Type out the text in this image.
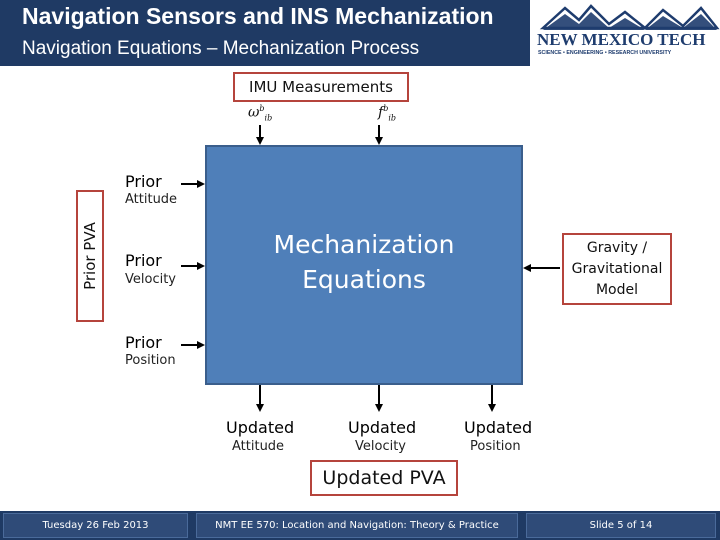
Navigation Sensors and INS Mechanization
Navigation Equations – Mechanization Process	NEW MEXICO TECH
SCIENCE • ENGINEERING • RESEARCH UNIVERSITY
IMU Measurements
$\omega^b_{ib}$	$f^b_{ib}$
Prior PVA
Prior
Attitude
Prior
Velocity
Prior
Position
Mechanization
Equations
Gravity /
Gravitational
Model
Updated
Attitude
Updated
Velocity
Updated
Position
Updated PVA
Tuesday 26 Feb 2013	NMT EE 570: Location and Navigation: Theory & Practice	Slide 5 of 14
